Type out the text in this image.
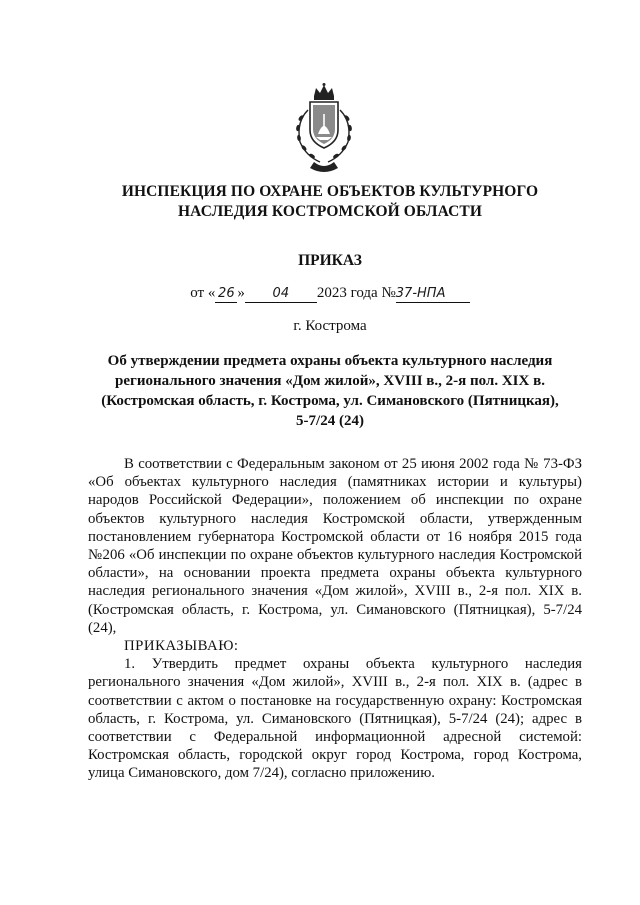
ИНСПЕКЦИЯ ПО ОХРАНЕ ОБЪЕКТОВ КУЛЬТУРНОГО
НАСЛЕДИЯ КОСТРОМСКОЙ ОБЛАСТИ
ПРИКАЗ
от « 26 » 04 2023 года №37-НПА
г. Кострома
Об утверждении предмета охраны объекта культурного наследия регионального значения «Дом жилой», XVIII в., 2-я пол. XIX в. (Костромская область, г. Кострома, ул. Симановского (Пятницкая), 5-7/24 (24)

В соответствии с Федеральным законом от 25 июня 2002 года № 73-ФЗ «Об объектах культурного наследия (памятниках истории и культуры) народов Российской Федерации», положением об инспекции по охране объектов культурного наследия Костромской области, утвержденным постановлением губернатора Костромской области от 16 ноября 2015 года №206 «Об инспекции по охране объектов культурного наследия Костромской области», на основании проекта предмета охраны объекта культурного наследия регионального значения «Дом жилой», XVIII в., 2-я пол. XIX в. (Костромская область, г. Кострома, ул. Симановского (Пятницкая), 5-7/24 (24),

ПРИКАЗЫВАЮ:

1. Утвердить предмет охраны объекта культурного наследия регионального значения «Дом жилой», XVIII в., 2-я пол. XIX в. (адрес в соответствии с актом о постановке на государственную охрану: Костромская область, г. Кострома, ул. Симановского (Пятницкая), 5-7/24 (24); адрес в соответствии с Федеральной информационной адресной системой: Костромская область, городской округ город Кострома, город Кострома, улица Симановского, дом 7/24), согласно приложению.
